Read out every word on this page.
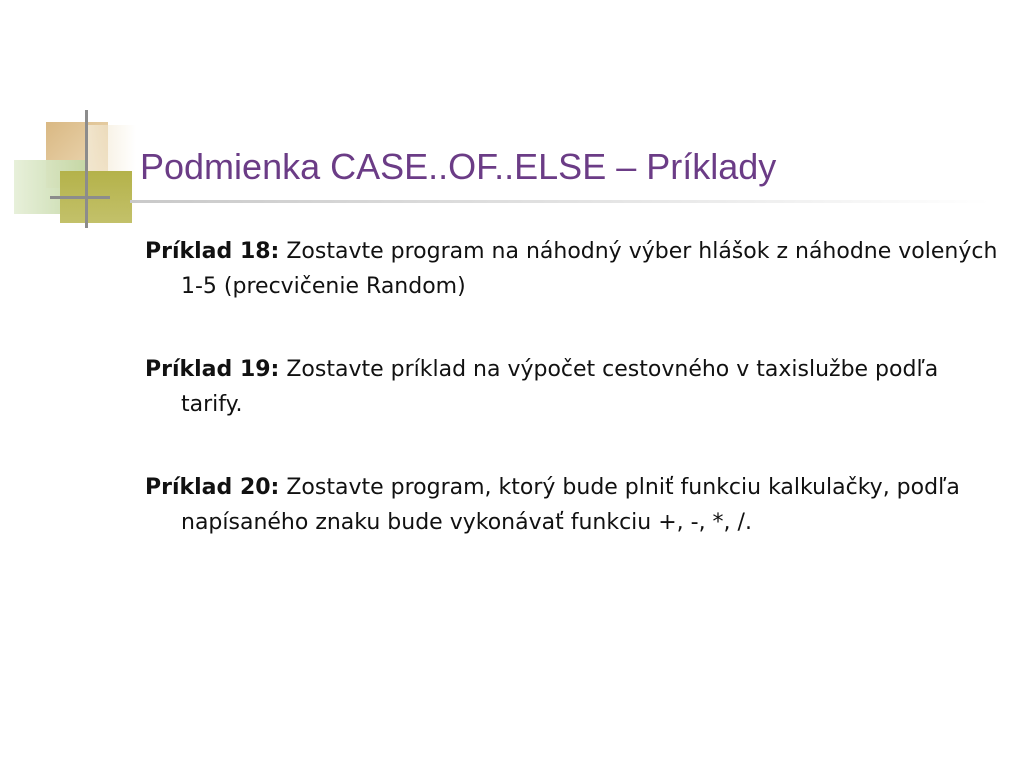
Podmienka CASE..OF..ELSE – Príklady

Príklad 18: Zostavte program na náhodný výber hlášok z náhodne volených 1-5 (precvičenie Random)

Príklad 19: Zostavte príklad na výpočet cestovného v taxislužbe podľa tarify.

Príklad 20: Zostavte program, ktorý bude plniť funkciu kalkulačky, podľa napísaného znaku bude vykonávať funkciu +, -, *, /.
